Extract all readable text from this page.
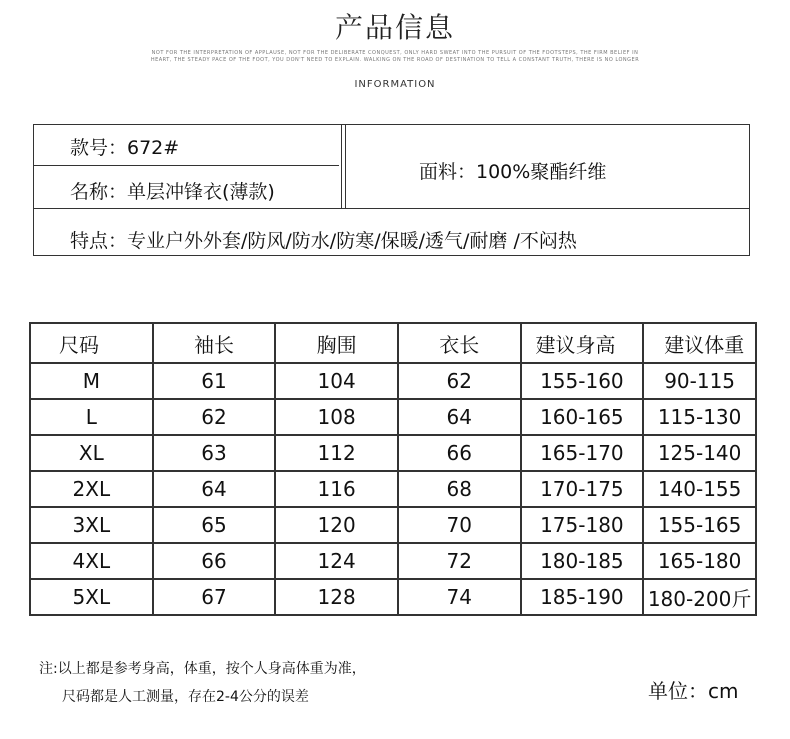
产品信息
NOT FOR THE INTERPRETATION OF APPLAUSE, NOT FOR THE DELIBERATE CONQUEST, ONLY HARD SWEAT INTO THE PURSUIT OF THE FOOTSTEPS, THE FIRM BELIEF IN
HEART, THE STEADY PACE OF THE FOOT, YOU DON'T NEED TO EXPLAIN. WALKING ON THE ROAD OF DESTINATION TO TELL A CONSTANT TRUTH, THERE IS NO LONGER
INFORMATION
款号：672#
名称：单层冲锋衣(薄款)
面料：100%聚酯纤维
特点：专业户外外套/防风/防水/防寒/保暖/透气/耐磨 /不闷热
尺码	袖长	胸围	衣长	建议身高	建议体重
M	61	104	62	155-160	90-115
L	62	108	64	160-165	115-130
XL	63	112	66	165-170	125-140
2XL	64	116	68	170-175	140-155
3XL	65	120	70	175-180	155-165
4XL	66	124	72	180-185	165-180
5XL	67	128	74	185-190	180-200斤
注:以上都是参考身高，体重，按个人身高体重为准，
尺码都是人工测量，存在2-4公分的误差	单位：cm
